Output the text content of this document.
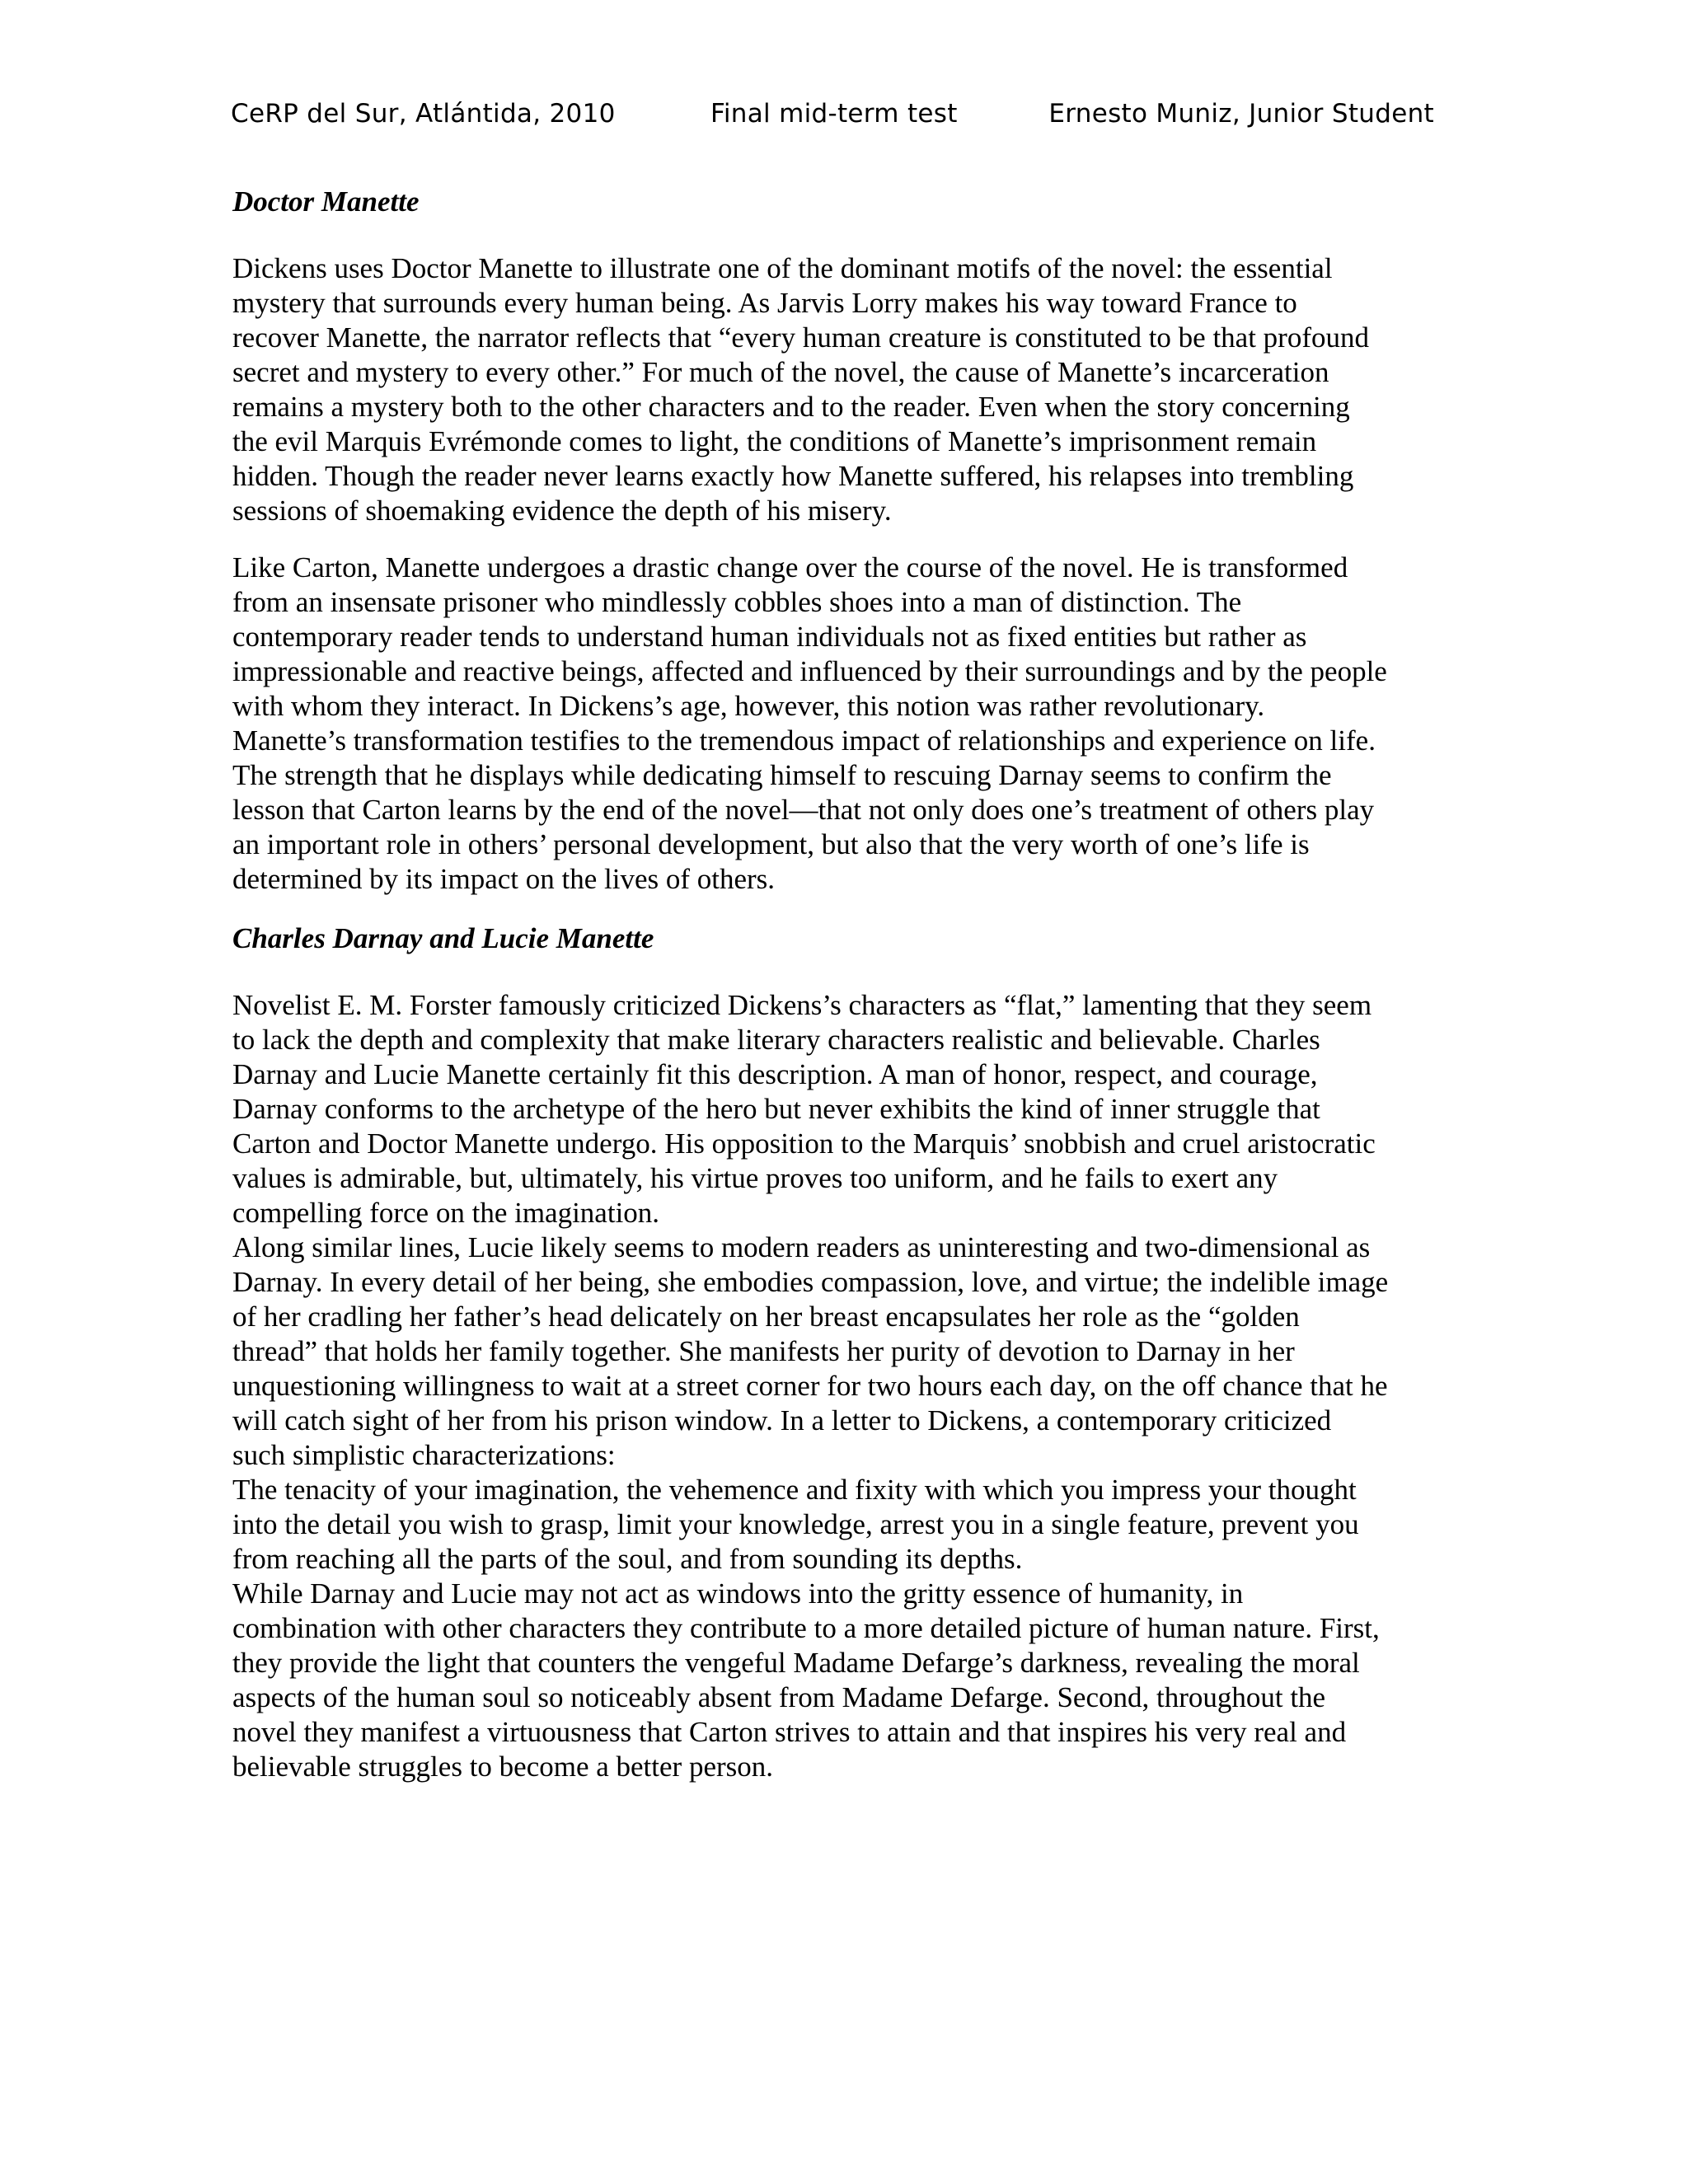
CeRP del Sur, Atlántida, 2010	Final mid-term test	Ernesto Muniz, Junior Student
Doctor Manette

Dickens uses Doctor Manette to illustrate one of the dominant motifs of the novel: the essential
mystery that surrounds every human being. As Jarvis Lorry makes his way toward France to
recover Manette, the narrator reflects that “every human creature is constituted to be that profound
secret and mystery to every other.” For much of the novel, the cause of Manette’s incarceration
remains a mystery both to the other characters and to the reader. Even when the story concerning
the evil Marquis Evrémonde comes to light, the conditions of Manette’s imprisonment remain
hidden. Though the reader never learns exactly how Manette suffered, his relapses into trembling
sessions of shoemaking evidence the depth of his misery.

Like Carton, Manette undergoes a drastic change over the course of the novel. He is transformed
from an insensate prisoner who mindlessly cobbles shoes into a man of distinction. The
contemporary reader tends to understand human individuals not as fixed entities but rather as
impressionable and reactive beings, affected and influenced by their surroundings and by the people
with whom they interact. In Dickens’s age, however, this notion was rather revolutionary.
Manette’s transformation testifies to the tremendous impact of relationships and experience on life.
The strength that he displays while dedicating himself to rescuing Darnay seems to confirm the
lesson that Carton learns by the end of the novel—that not only does one’s treatment of others play
an important role in others’ personal development, but also that the very worth of one’s life is
determined by its impact on the lives of others.

Charles Darnay and Lucie Manette

Novelist E. M. Forster famously criticized Dickens’s characters as “flat,” lamenting that they seem
to lack the depth and complexity that make literary characters realistic and believable. Charles
Darnay and Lucie Manette certainly fit this description. A man of honor, respect, and courage,
Darnay conforms to the archetype of the hero but never exhibits the kind of inner struggle that
Carton and Doctor Manette undergo. His opposition to the Marquis’ snobbish and cruel aristocratic
values is admirable, but, ultimately, his virtue proves too uniform, and he fails to exert any
compelling force on the imagination.
Along similar lines, Lucie likely seems to modern readers as uninteresting and two-dimensional as
Darnay. In every detail of her being, she embodies compassion, love, and virtue; the indelible image
of her cradling her father’s head delicately on her breast encapsulates her role as the “golden
thread” that holds her family together. She manifests her purity of devotion to Darnay in her
unquestioning willingness to wait at a street corner for two hours each day, on the off chance that he
will catch sight of her from his prison window. In a letter to Dickens, a contemporary criticized
such simplistic characterizations:
The tenacity of your imagination, the vehemence and fixity with which you impress your thought
into the detail you wish to grasp, limit your knowledge, arrest you in a single feature, prevent you
from reaching all the parts of the soul, and from sounding its depths.
While Darnay and Lucie may not act as windows into the gritty essence of humanity, in
combination with other characters they contribute to a more detailed picture of human nature. First,
they provide the light that counters the vengeful Madame Defarge’s darkness, revealing the moral
aspects of the human soul so noticeably absent from Madame Defarge. Second, throughout the
novel they manifest a virtuousness that Carton strives to attain and that inspires his very real and
believable struggles to become a better person.
